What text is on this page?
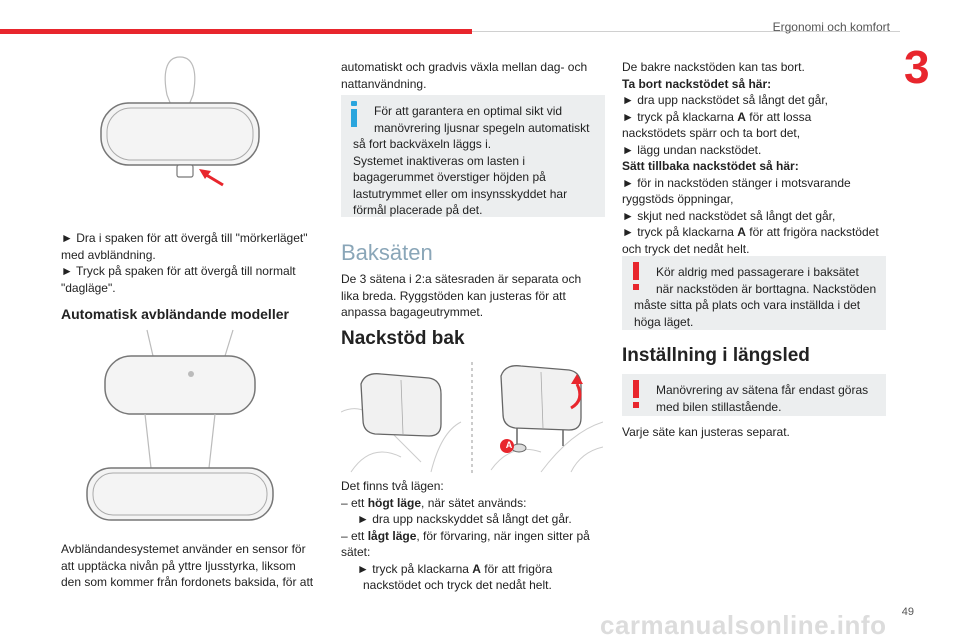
Ergonomi och komfort
3
► Dra i spaken för att övergå till "mörkerläget"
med avbländning.
► Tryck på spaken för att övergå till normalt
"dagläge".
Automatisk avbländande modeller
Avbländandesystemet använder en sensor för
att upptäcka nivån på yttre ljusstyrka, liksom
den som kommer från fordonets baksida, för att
automatiskt och gradvis växla mellan dag- och
nattanvändning.
För att garantera en optimal sikt vid
manövrering ljusnar spegeln automatiskt
så fort backväxeln läggs i.
Systemet inaktiveras om lasten i
bagagerummet överstiger höjden på
lastutrymmet eller om insynsskyddet har
förmål placerade på det.
Baksäten
De 3 sätena i 2:a sätesraden är separata och
lika breda. Ryggstöden kan justeras för att
anpassa bagageutrymmet.
Nackstöd bak
A
Det finns två lägen:
– ett högt läge, när sätet används:
► dra upp nackskyddet så långt det går.
– ett lågt läge, för förvaring, när ingen sitter på
sätet:
► tryck på klackarna A för att frigöra
nackstödet och tryck det nedåt helt.
De bakre nackstöden kan tas bort.
Ta bort nackstödet så här:
► dra upp nackstödet så långt det går,
► tryck på klackarna A för att lossa
nackstödets spärr och ta bort det,
► lägg undan nackstödet.
Sätt tillbaka nackstödet så här:
► för in nackstöden stänger i motsvarande
ryggstöds öppningar,
► skjut ned nackstödet så långt det går,
► tryck på klackarna A för att frigöra nackstödet
och tryck det nedåt helt.
Kör aldrig med passagerare i baksätet
när nackstöden är borttagna. Nackstöden
måste sitta på plats och vara inställda i det
höga läget.
Inställning i längsled
Manövrering av sätena får endast göras
med bilen stillastående.
Varje säte kan justeras separat.
carmanualsonline.info 49
